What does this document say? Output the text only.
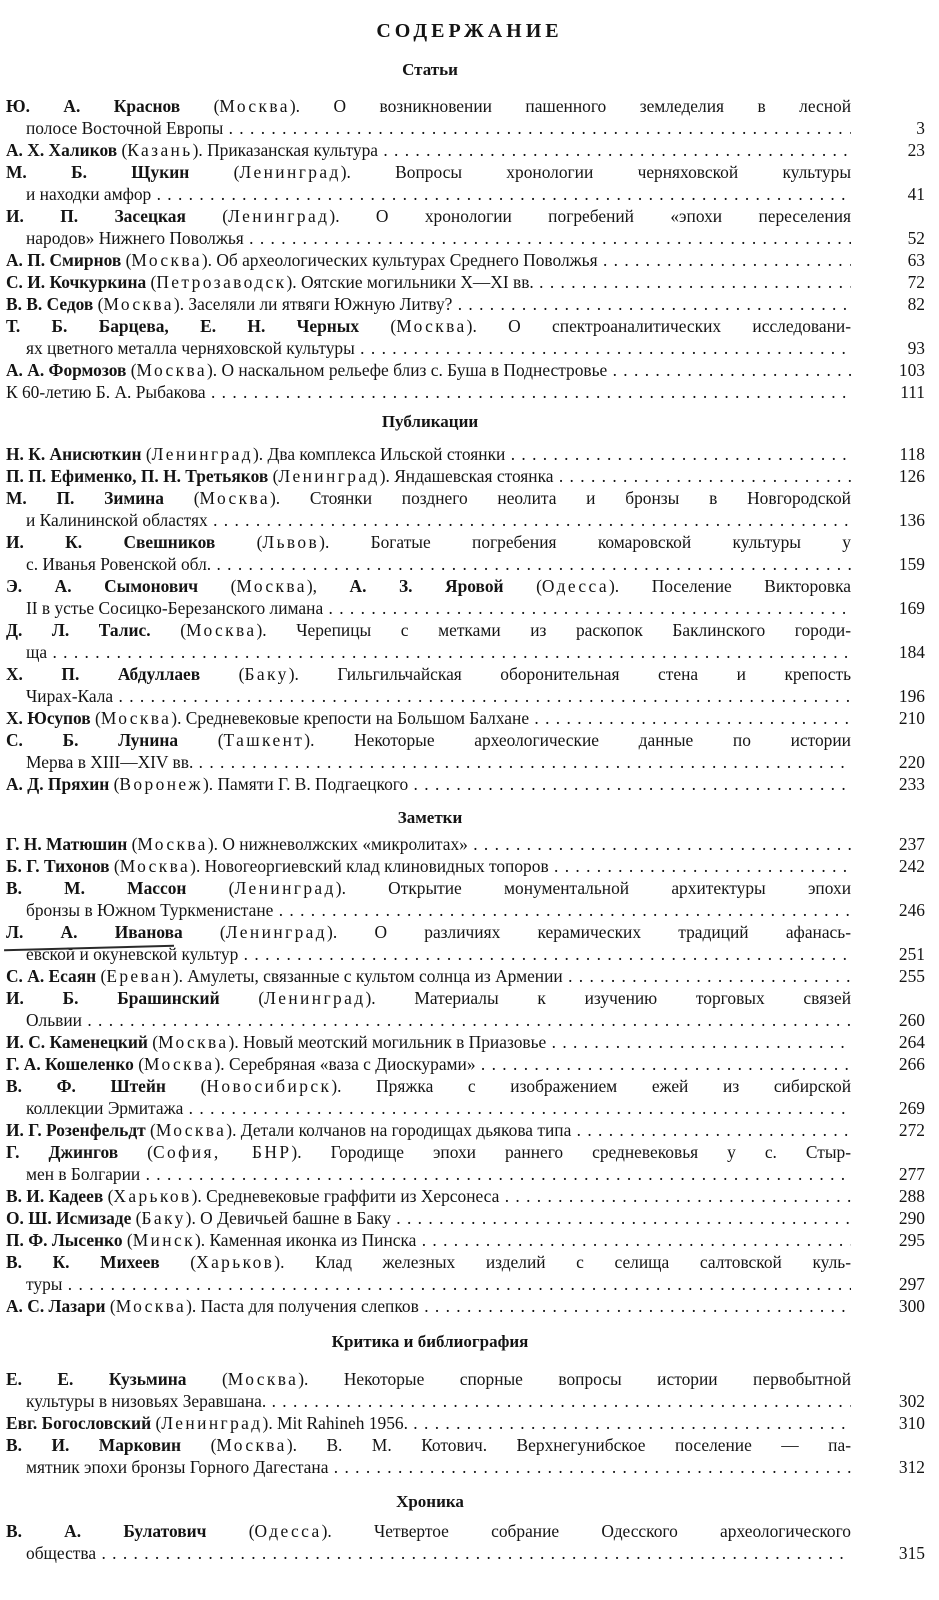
СОДЕРЖАНИЕ
Статьи
Ю. А. Краснов (Москва). О возникновении пашенного земледелия в лесной
полосе Восточной Европы . . .	3
А. Х. Халиков (Казань). Приказанская культура . . .	23
М. Б. Щукин (Ленинград). Вопросы хронологии черняховской культуры
и находки амфор . . .	41
И. П. Засецкая (Ленинград). О хронологии погребений «эпохи переселения
народов» Нижнего Поволжья . . .	52
А. П. Смирнов (Москва). Об археологических культурах Среднего Поволжья . . .	63
С. И. Кочкуркина (Петрозаводск). Оятские могильники X—XI вв. . . .	72
В. В. Седов (Москва). Заселяли ли ятвяги Южную Литву? . . .	82
Т. Б. Барцева, Е. Н. Черных (Москва). О спектроаналитических исследовани-
ях цветного металла черняховской культуры . . .	93
А. А. Формозов (Москва). О наскальном рельефе близ с. Буша в Поднестровье . . .	103
К 60-летию Б. А. Рыбакова . . .	111
Публикации
Н. К. Анисюткин (Ленинград). Два комплекса Ильской стоянки . . .	118
П. П. Ефименко, П. Н. Третьяков (Ленинград). Яндашевская стоянка . . .	126
М. П. Зимина (Москва). Стоянки позднего неолита и бронзы в Новгородской
и Калининской областях . . .	136
И. К. Свешников (Львов). Богатые погребения комаровской культуры у
с. Иванья Ровенской обл. . . .	159
Э. А. Сымонович (Москва), А. З. Яровой (Одесса). Поселение Викторовка
II в устье Сосицко-Березанского лимана . . .	169
Д. Л. Талис. (Москва). Черепицы с метками из раскопок Баклинского городи-
ща . . .	184
Х. П. Абдуллаев (Баку). Гильгильчайская оборонительная стена и крепость
Чирах-Кала . . .	196
Х. Юсупов (Москва). Средневековые крепости на Большом Балхане . . .	210
С. Б. Лунина (Ташкент). Некоторые археологические данные по истории
Мерва в XIII—XIV вв. . . .	220
А. Д. Пряхин (Воронеж). Памяти Г. В. Подгаецкого . . .	233
Заметки
Г. Н. Матюшин (Москва). О нижневолжских «микролитах» . . .	237
Б. Г. Тихонов (Москва). Новогеоргиевский клад клиновидных топоров . . .	242
В. М. Массон (Ленинград). Открытие монументальной архитектуры эпохи
бронзы в Южном Туркменистане . . .	246
Л. А. Иванова (Ленинград). О различиях керамических традиций афанась-
евской и окуневской культур . . .	251
С. А. Есаян (Ереван). Амулеты, связанные с культом солнца из Армении . . .	255
И. Б. Брашинский (Ленинград). Материалы к изучению торговых связей
Ольвии . . .	260
И. С. Каменецкий (Москва). Новый меотский могильник в Приазовье . . .	264
Г. А. Кошеленко (Москва). Серебряная «ваза с Диоскурами» . . .	266
В. Ф. Штейн (Новосибирск). Пряжка с изображением ежей из сибирской
коллекции Эрмитажа . . .	269
И. Г. Розенфельдт (Москва). Детали колчанов на городищах дьякова типа . . .	272
Г. Джингов (София, БНР). Городище эпохи раннего средневековья у с. Стыр-
мен в Болгарии . . .	277
В. И. Кадеев (Харьков). Средневековые граффити из Херсонеса . . .	288
О. Ш. Исмизаде (Баку). О Девичьей башне в Баку . . .	290
П. Ф. Лысенко (Минск). Каменная иконка из Пинска . . .	295
В. К. Михеев (Харьков). Клад железных изделий с селища салтовской куль-
туры . . .	297
А. С. Лазари (Москва). Паста для получения слепков . . .	300
Критика и библиография
Е. Е. Кузьмина (Москва). Некоторые спорные вопросы истории первобытной
культуры в низовьях Зеравшана. . . .	302
Евг. Богословский (Ленинград). Mit Rahineh 1956. . . .	310
В. И. Марковин (Москва). В. М. Котович. Верхнегунибское поселение — па-
мятник эпохи бронзы Горного Дагестана . . .	312
Хроника
В. А. Булатович (Одесса). Четвертое собрание Одесского археологического
общества . . .	315
